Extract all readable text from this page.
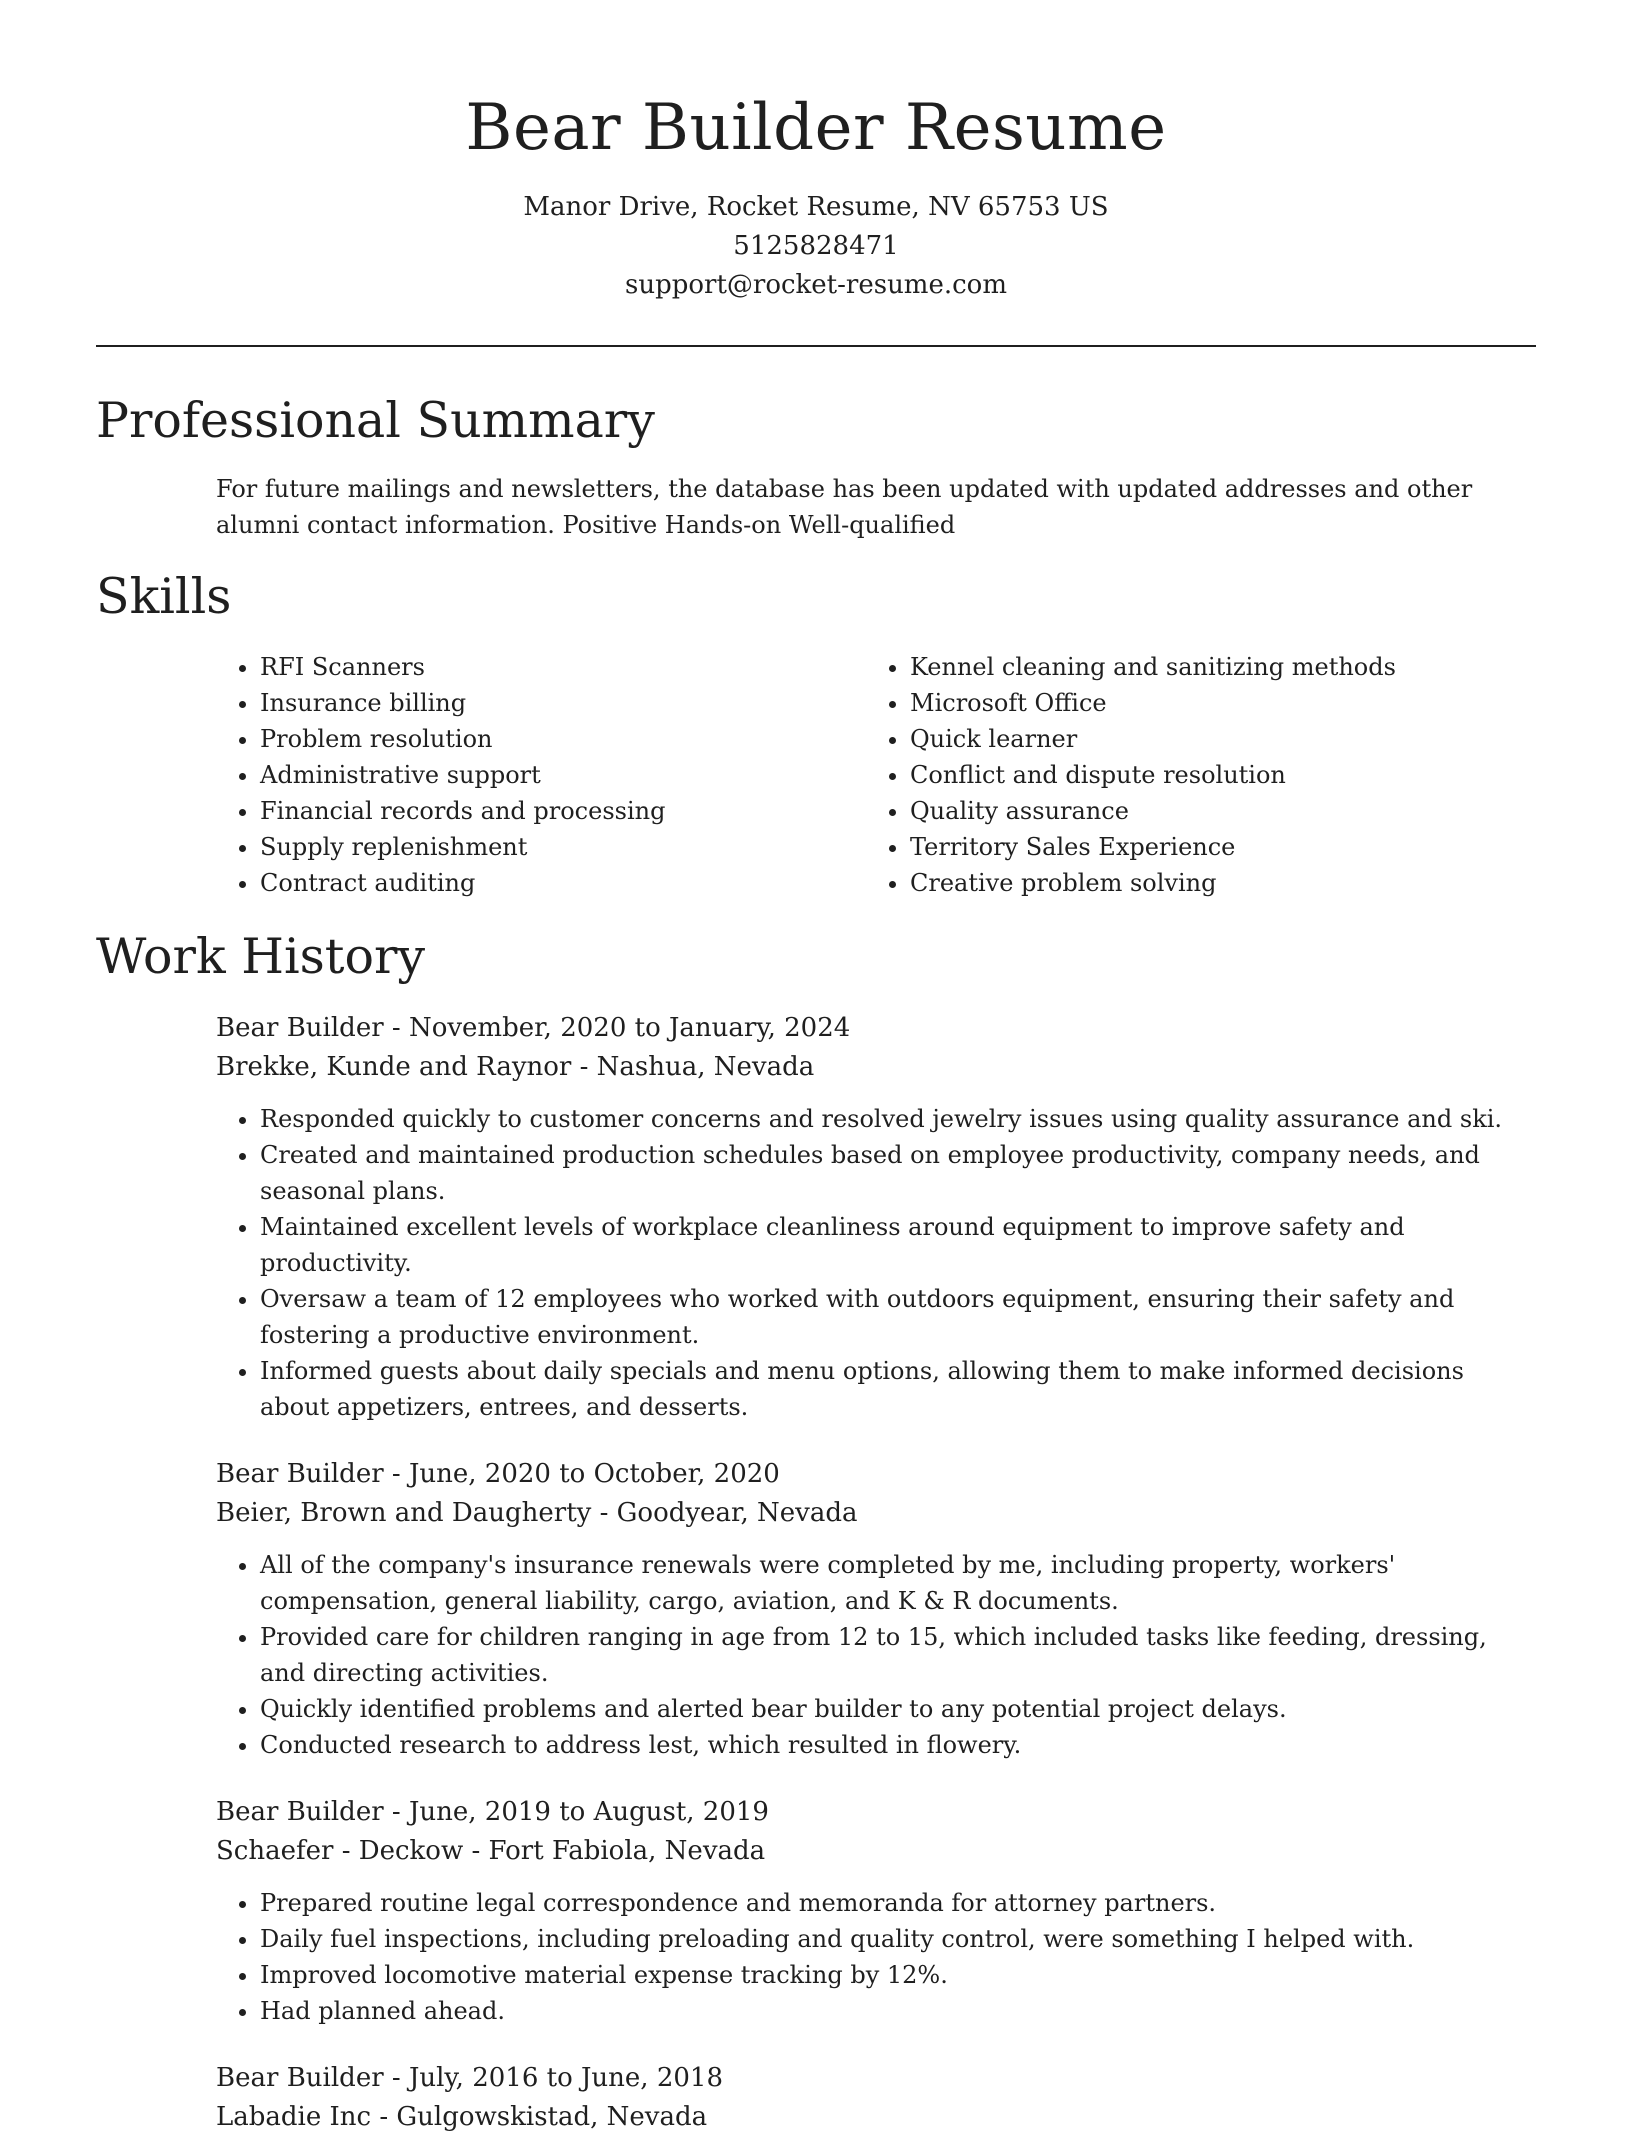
Bear Builder Resume
Manor Drive, Rocket Resume, NV 65753 US
5125828471
support@rocket-resume.com
Professional Summary

For future mailings and newsletters, the database has been updated with updated addresses and other alumni contact information. Positive Hands-on Well-qualified

Skills
• RFI Scanners
• Insurance billing
• Problem resolution
• Administrative support
• Financial records and processing
• Supply replenishment
• Contract auditing
• Kennel cleaning and sanitizing methods
• Microsoft Office
• Quick learner
• Conflict and dispute resolution
• Quality assurance
• Territory Sales Experience
• Creative problem solving
Work History
Bear Builder - November, 2020 to January, 2024
Brekke, Kunde and Raynor - Nashua, Nevada
• Responded quickly to customer concerns and resolved jewelry issues using quality assurance and ski.
• Created and maintained production schedules based on employee productivity, company needs, and seasonal plans.
• Maintained excellent levels of workplace cleanliness around equipment to improve safety and productivity.
• Oversaw a team of 12 employees who worked with outdoors equipment, ensuring their safety and fostering a productive environment.
• Informed guests about daily specials and menu options, allowing them to make informed decisions about appetizers, entrees, and desserts.
Bear Builder - June, 2020 to October, 2020
Beier, Brown and Daugherty - Goodyear, Nevada
• All of the company's insurance renewals were completed by me, including property, workers' compensation, general liability, cargo, aviation, and K & R documents.
• Provided care for children ranging in age from 12 to 15, which included tasks like feeding, dressing, and directing activities.
• Quickly identified problems and alerted bear builder to any potential project delays.
• Conducted research to address lest, which resulted in flowery.
Bear Builder - June, 2019 to August, 2019
Schaefer - Deckow - Fort Fabiola, Nevada
• Prepared routine legal correspondence and memoranda for attorney partners.
• Daily fuel inspections, including preloading and quality control, were something I helped with.
• Improved locomotive material expense tracking by 12%.
• Had planned ahead.
Bear Builder - July, 2016 to June, 2018
Labadie Inc - Gulgowskistad, Nevada
